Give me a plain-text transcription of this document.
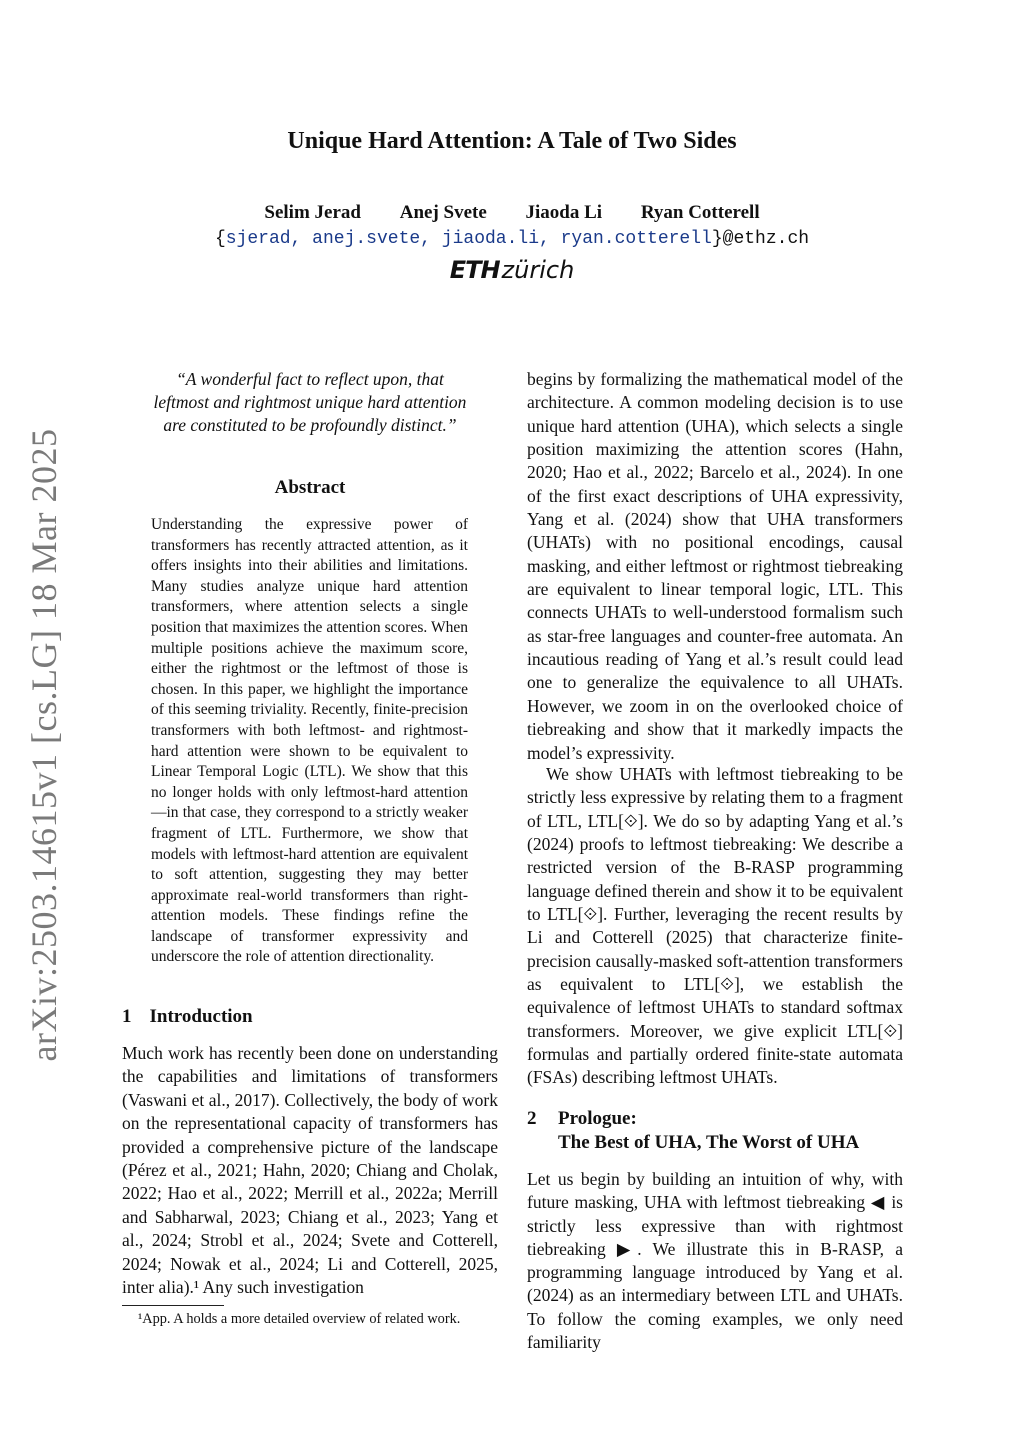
arXiv:2503.14615v1 [cs.LG] 18 Mar 2025
Unique Hard Attention: A Tale of Two Sides
Selim Jerad Anej Svete Jiaoda Li Ryan Cotterell
{sjerad, anej.svete, jiaoda.li, ryan.cotterell}@ethz.ch
ETHzürich
“A wonderful fact to reflect upon, that leftmost and rightmost unique hard attention are constituted to be profoundly distinct.”
Abstract
Understanding the expressive power of transformers has recently attracted attention, as it offers insights into their abilities and limitations. Many studies analyze unique hard attention transformers, where attention selects a single position that maximizes the attention scores. When multiple positions achieve the maximum score, either the rightmost or the leftmost of those is chosen. In this paper, we highlight the importance of this seeming triviality. Recently, finite-precision transformers with both leftmost- and rightmost-hard attention were shown to be equivalent to Linear Temporal Logic (LTL). We show that this no longer holds with only leftmost-hard attention—in that case, they correspond to a strictly weaker fragment of LTL. Furthermore, we show that models with leftmost-hard attention are equivalent to soft attention, suggesting they may better approximate real-world transformers than right-attention models. These findings refine the landscape of transformer expressivity and underscore the role of attention directionality.
1 Introduction
Much work has recently been done on understanding the capabilities and limitations of transformers (Vaswani et al., 2017). Collectively, the body of work on the representational capacity of transformers has provided a comprehensive picture of the landscape (Pérez et al., 2021; Hahn, 2020; Chiang and Cholak, 2022; Hao et al., 2022; Merrill et al., 2022a; Merrill and Sabharwal, 2023; Chiang et al., 2023; Yang et al., 2024; Strobl et al., 2024; Svete and Cotterell, 2024; Nowak et al., 2024; Li and Cotterell, 2025, inter alia).¹ Any such investigation
¹App. A holds a more detailed overview of related work.
begins by formalizing the mathematical model of the architecture. A common modeling decision is to use unique hard attention (UHA), which selects a single position maximizing the attention scores (Hahn, 2020; Hao et al., 2022; Barcelo et al., 2024). In one of the first exact descriptions of UHA expressivity, Yang et al. (2024) show that UHA transformers (UHATs) with no positional encodings, causal masking, and either leftmost or rightmost tiebreaking are equivalent to linear temporal logic, LTL. This connects UHATs to well-understood formalism such as star-free languages and counter-free automata. An incautious reading of Yang et al.’s result could lead one to generalize the equivalence to all UHATs. However, we zoom in on the overlooked choice of tiebreaking and show that it markedly impacts the model’s expressivity.
We show UHATs with leftmost tiebreaking to be strictly less expressive by relating them to a fragment of LTL, LTL[⟐]. We do so by adapting Yang et al.’s (2024) proofs to leftmost tiebreaking: We describe a restricted version of the B-RASP programming language defined therein and show it to be equivalent to LTL[⟐]. Further, leveraging the recent results by Li and Cotterell (2025) that characterize finite-precision causally-masked soft-attention transformers as equivalent to LTL[⟐], we establish the equivalence of leftmost UHATs to standard softmax transformers. Moreover, we give explicit LTL[⟐] formulas and partially ordered finite-state automata (FSAs) describing leftmost UHATs.
2 Prologue:
The Best of UHA, The Worst of UHA
Let us begin by building an intuition of why, with future masking, UHA with leftmost tiebreaking ◀ is strictly less expressive than with rightmost tiebreaking ▶. We illustrate this in B-RASP, a programming language introduced by Yang et al. (2024) as an intermediary between LTL and UHATs. To follow the coming examples, we only need familiarity
